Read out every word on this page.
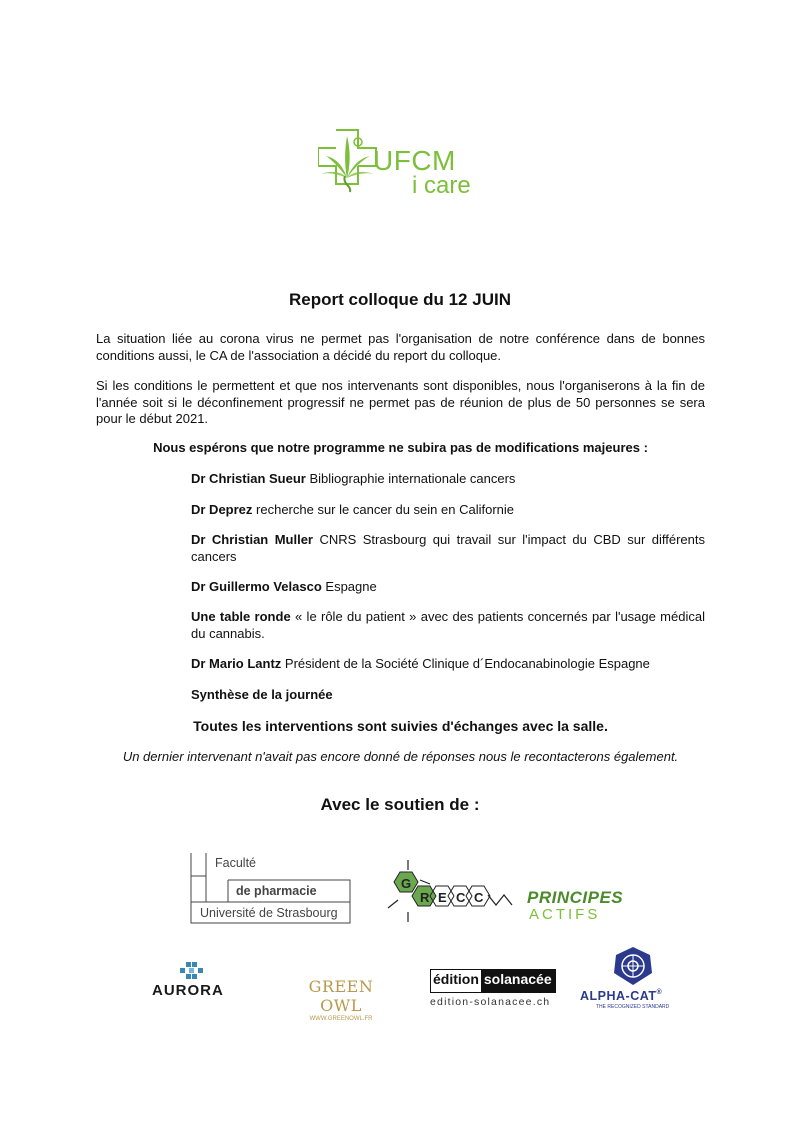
UFCM
i care
Report colloque du 12 JUIN

La situation liée au corona virus ne permet pas l'organisation de notre conférence dans de bonnes conditions aussi, le CA de l'association a décidé du report du colloque.

Si les conditions le permettent et que nos intervenants sont disponibles, nous l'organiserons à la fin de l'année soit si le déconfinement progressif ne permet pas de réunion de plus de 50 personnes se sera pour le début 2021.

Nous espérons que notre programme ne subira pas de modifications majeures :

Dr Christian Sueur Bibliographie internationale cancers

Dr Deprez recherche sur le cancer du sein en Californie

Dr Christian Muller CNRS Strasbourg qui travail sur l'impact du CBD sur différents cancers

Dr Guillermo Velasco Espagne

Une table ronde « le rôle du patient » avec des patients concernés par l'usage médical du cannabis.

Dr Mario Lantz Président de la Société Clinique d´Endocanabinologie Espagne

Synthèse de la journée

Toutes les interventions sont suivies d'échanges avec la salle.

Un dernier intervenant n'avait pas encore donné de réponses nous le recontacterons également.

Avec le soutien de :

Faculté
de pharmacie
Université de Strasbourg
G
R E C C	PRINCIPES
ACTIFS
AURORA	GREEN OWL
WWW.GREENOWL.FR
édition solanacée
edition-solanacee.ch ALPHA-CAT®
THE RECOGNIZED STANDARD
